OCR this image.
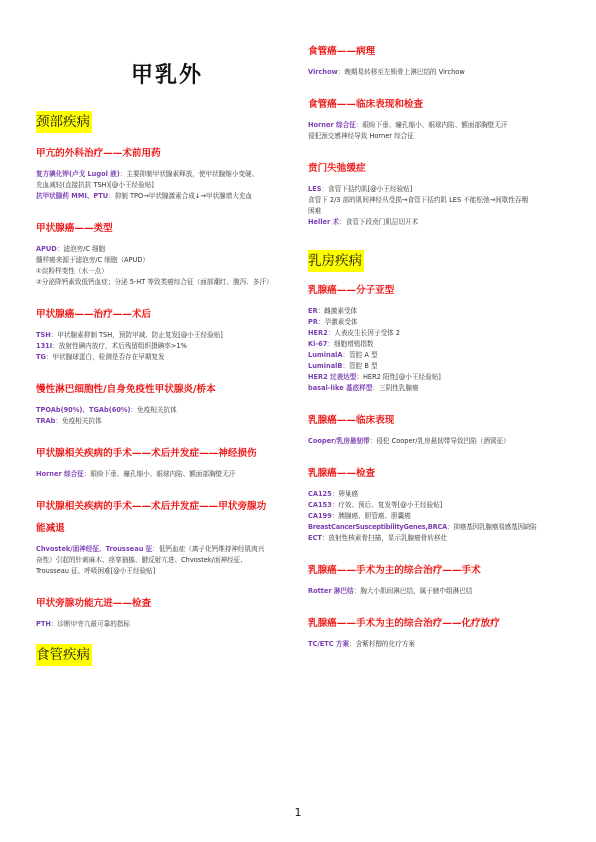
甲乳外
颈部疾病
甲亢的外科治疗——术前用药
复方碘化钾(卢戈 Lugol 液)：主要抑制甲状腺素释放，使甲状腺缩小变硬、
充血减轻(直接抗抗 TSH)[@小王经验贴]
抗甲状腺药 MMI、PTU：抑制 TPO→甲状腺激素合成↓→甲状腺增大充血
甲状腺癌——类型
APUD：滤泡旁/C 细胞
髓样癌来源于滤泡旁/C 细胞（APUD）
①淀粉样变性（水一点）
②分泌降钙素致低钙血症；分泌 5-HT 等致类癌综合征（面部潮红、腹泻、多汗）
甲状腺癌——治疗——术后
TSH：甲状腺素抑制 TSH，预防甲减、防止复发[@小王经验贴]
131I：放射性碘内放疗，术后残留组织摄碘率>1%
TG：甲状腺球蛋白，检测是否存在早期复发
慢性淋巴细胞性/自身免疫性甲状腺炎/桥本
TPOAb(90%)、TGAb(60%)：免疫相关抗体
TRAb：免疫相关抗体
甲状腺相关疾病的手术——术后并发症——神经损伤
Horner 综合征：眼睑下垂、瞳孔缩小、眼球内陷、额面部胸壁无汗
甲状腺相关疾病的手术——术后并发症——甲状旁腺功
能减退
Chvostek/面神经征、Trousseau 征：低钙血症（离子化钙维持神经肌肉兴
奋性）引起的针刺麻木、痉挛抽搐、腱反射亢进、Chvostek/面神经征、
Trousseau 征、呼吸困难[@小王经验贴]
甲状旁腺功能亢进——检查
PTH：诊断甲旁亢最可靠的指标
食管疾病
食管癌——病理
Virchow：晚期易转移至左锁骨上淋巴结的 Virchow
食管癌——临床表现和检查
Horner 综合征：眼睑下垂、瞳孔缩小、眼球内陷、额面部胸壁无汗
侵犯颈交感神经导致 Horner 综合征
贲门失弛缓症
LES：食管下括约肌[@小王经验贴]
食管下 2/3 部的肌间神经丛受损→食管下括约肌 LES 不能松弛→间歇性吞咽
困难
Heller 术：食管下段贲门肌层切开术
乳房疾病
乳腺癌——分子亚型
ER：雌激素受体
PR：孕激素受体
HER2：人表皮生长因子受体 2
Ki-67：细胞增殖指数
LuminalA：管腔 A 型
LuminalB：管腔 B 型
HER2 过表达型：HER2 阳性[@小王经验贴]
basal-like 基底样型：三阴性乳腺癌
乳腺癌——临床表现
Cooper/乳房悬韧带：侵犯 Cooper/乳房悬韧带导致凹陷（酒窝征）
乳腺癌——检查
CA125：卵巢癌
CA153：疗效、预后、复发等[@小王经验贴]
CA199：胰腺癌、胆管癌、胆囊癌
BreastCancerSusceptibilityGenes,BRCA：抑癌基因乳腺癌易感基因缺陷
ECT：放射性核素骨扫描，显示乳腺癌骨转移灶
乳腺癌——手术为主的综合治疗——手术
Rotter 淋巴结：胸大小肌间淋巴结，属于腋中组淋巴结
乳腺癌——手术为主的综合治疗——化疗放疗
TC/ETC 方案：含紫杉醇的化疗方案
1
